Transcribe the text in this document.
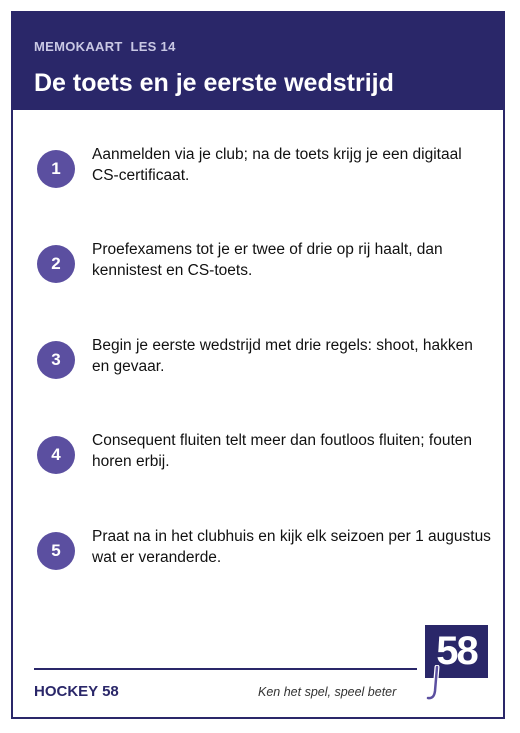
MEMOKAART  LES 14
De toets en je eerste wedstrijd
1
Aanmelden via je club; na de toets krijg je een digitaal CS-certificaat.
2
Proefexamens tot je er twee of drie op rij haalt, dan kennistest en CS-toets.
3
Begin je eerste wedstrijd met drie regels: shoot, hakken en gevaar.
4
Consequent fluiten telt meer dan foutloos fluiten; fouten horen erbij.
5
Praat na in het clubhuis en kijk elk seizoen per 1 augustus wat er veranderde.
HOCKEY 58	Ken het spel, speel beter
58
